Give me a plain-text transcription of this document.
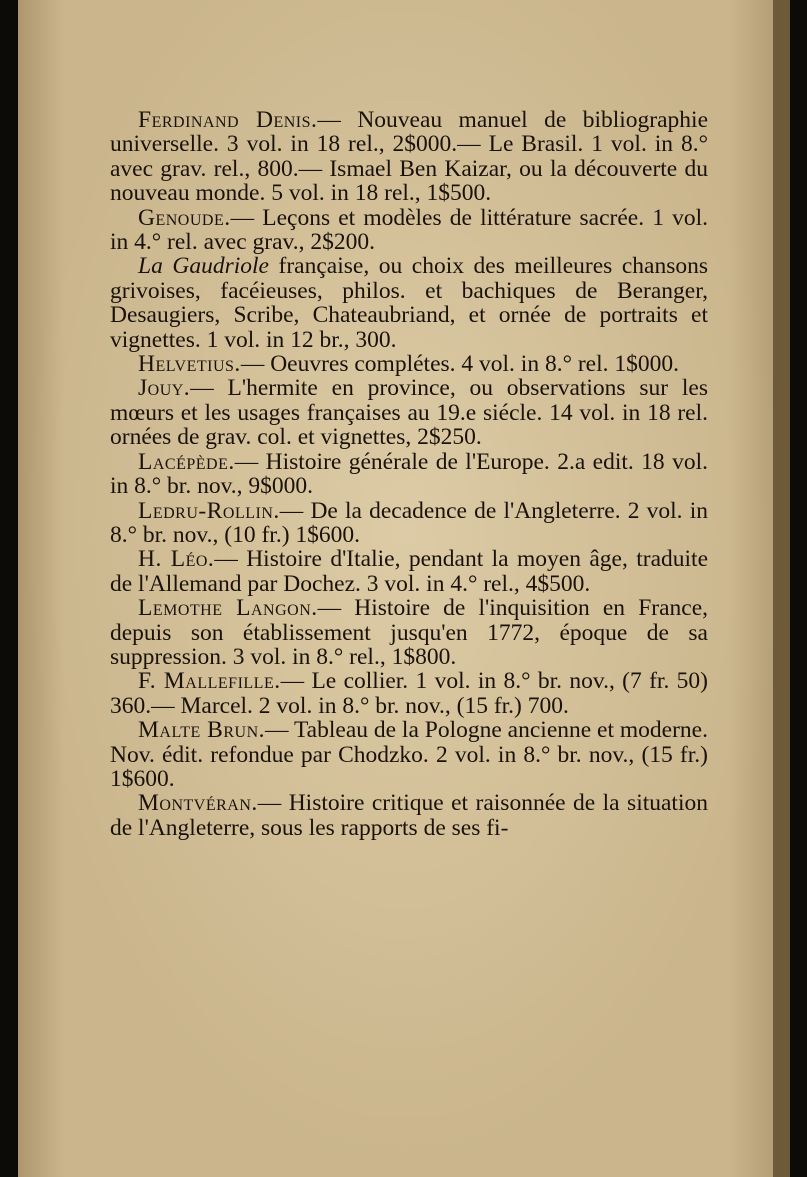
Ferdinand Denis.— Nouveau manuel de bibliographie universelle. 3 vol. in 18 rel., 2$000.— Le Brasil. 1 vol. in 8.° avec grav. rel., 800.— Ismael Ben Kaizar, ou la découverte du nouveau monde. 5 vol. in 18 rel., 1$500.

Genoude.— Leçons et modèles de littérature sacrée. 1 vol. in 4.° rel. avec grav., 2$200.

La Gaudriole française, ou choix des meilleures chansons grivoises, facéieuses, philos. et bachiques de Beranger, Desaugiers, Scribe, Chateaubriand, et ornée de portraits et vignettes. 1 vol. in 12 br., 300.

Helvetius.— Oeuvres complétes. 4 vol. in 8.° rel. 1$000.

Jouy.— L'hermite en province, ou observations sur les mœurs et les usages françaises au 19.e siécle. 14 vol. in 18 rel. ornées de grav. col. et vignettes, 2$250.

Lacépède.— Histoire générale de l'Europe. 2.a edit. 18 vol. in 8.° br. nov., 9$000.

Ledru-Rollin.— De la decadence de l'Angleterre. 2 vol. in 8.° br. nov., (10 fr.) 1$600.

H. Léo.— Histoire d'Italie, pendant la moyen âge, traduite de l'Allemand par Dochez. 3 vol. in 4.° rel., 4$500.

Lemothe Langon.— Histoire de l'inquisition en France, depuis son établissement jusqu'en 1772, époque de sa suppression. 3 vol. in 8.° rel., 1$800.

F. Mallefille.— Le collier. 1 vol. in 8.° br. nov., (7 fr. 50) 360.— Marcel. 2 vol. in 8.° br. nov., (15 fr.) 700.

Malte Brun.— Tableau de la Pologne ancienne et moderne. Nov. édit. refondue par Chodzko. 2 vol. in 8.° br. nov., (15 fr.) 1$600.

Montvéran.— Histoire critique et raisonnée de la situation de l'Angleterre, sous les rapports de ses fi-
